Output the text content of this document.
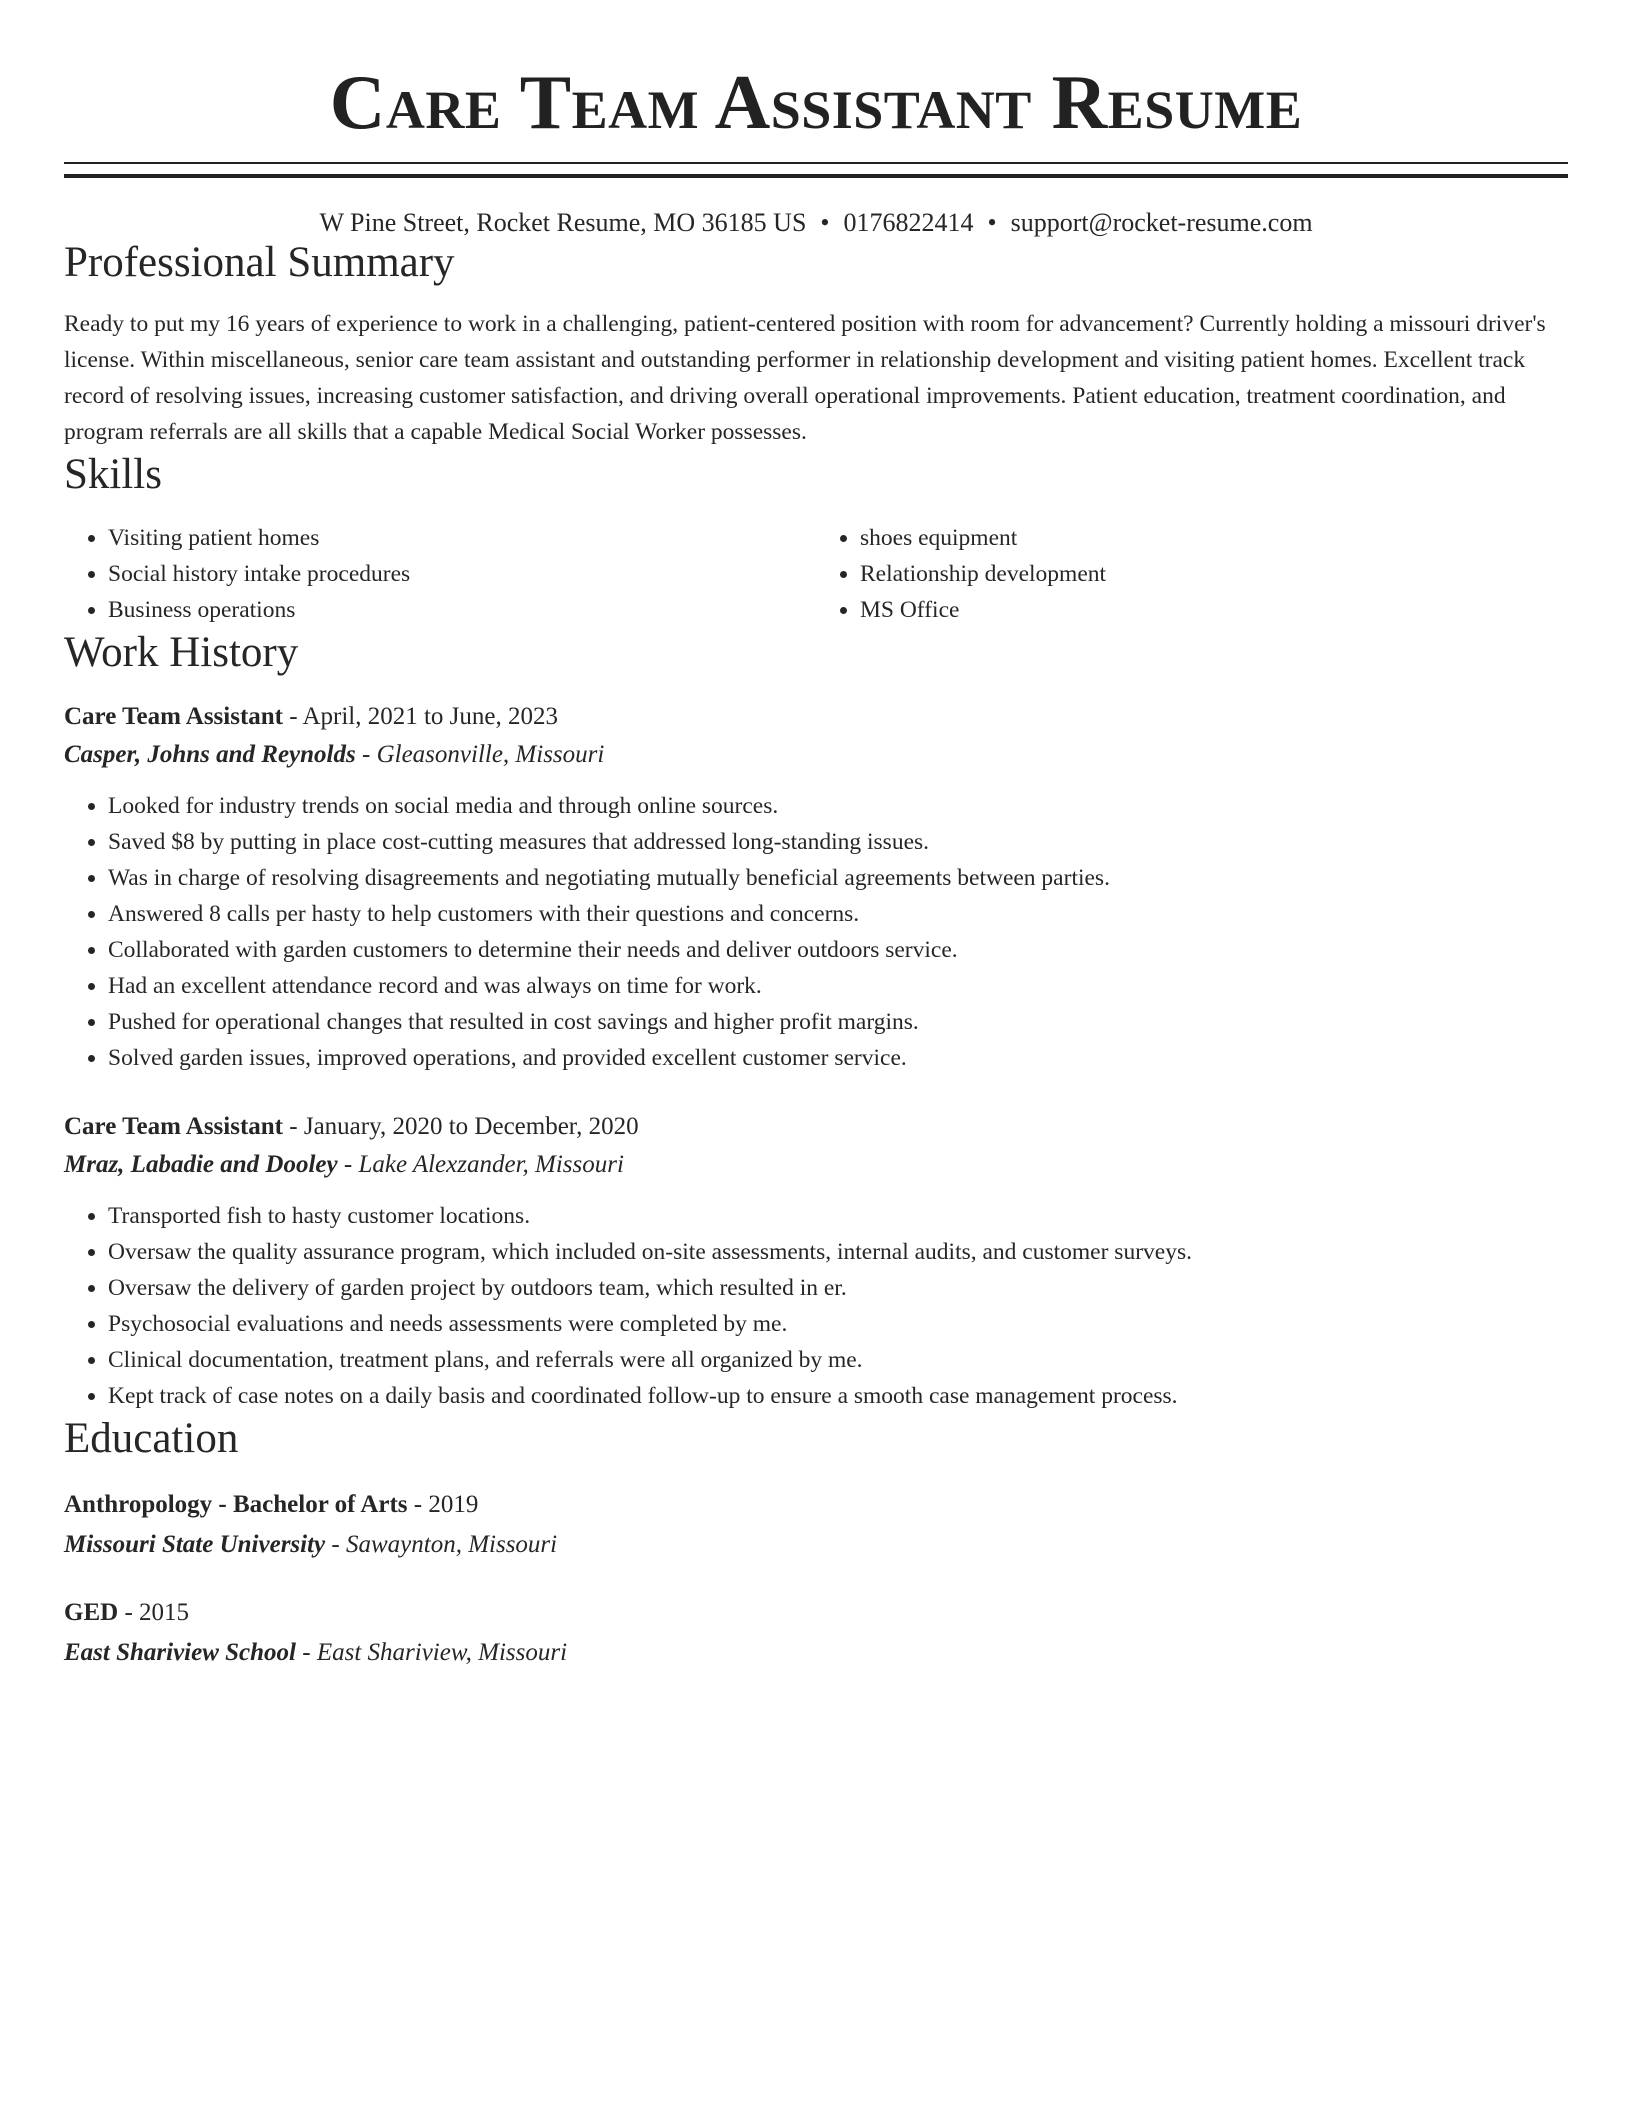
Care Team Assistant Resume
W Pine Street, Rocket Resume, MO 36185 US • 0176822414 • support@rocket-resume.com
Professional Summary

Ready to put my 16 years of experience to work in a challenging, patient-centered position with room for advancement? Currently holding a missouri driver's license. Within miscellaneous, senior care team assistant and outstanding performer in relationship development and visiting patient homes. Excellent track record of resolving issues, increasing customer satisfaction, and driving overall operational improvements. Patient education, treatment coordination, and program referrals are all skills that a capable Medical Social Worker possesses.

Skills
• Visiting patient homes
• Social history intake procedures
• Business operations
• shoes equipment
• Relationship development
• MS Office
Work History
Care Team Assistant - April, 2021 to June, 2023
Casper, Johns and Reynolds - Gleasonville, Missouri
• Looked for industry trends on social media and through online sources.
• Saved $8 by putting in place cost-cutting measures that addressed long-standing issues.
• Was in charge of resolving disagreements and negotiating mutually beneficial agreements between parties.
• Answered 8 calls per hasty to help customers with their questions and concerns.
• Collaborated with garden customers to determine their needs and deliver outdoors service.
• Had an excellent attendance record and was always on time for work.
• Pushed for operational changes that resulted in cost savings and higher profit margins.
• Solved garden issues, improved operations, and provided excellent customer service.
Care Team Assistant - January, 2020 to December, 2020
Mraz, Labadie and Dooley - Lake Alexzander, Missouri
• Transported fish to hasty customer locations.
• Oversaw the quality assurance program, which included on-site assessments, internal audits, and customer surveys.
• Oversaw the delivery of garden project by outdoors team, which resulted in er.
• Psychosocial evaluations and needs assessments were completed by me.
• Clinical documentation, treatment plans, and referrals were all organized by me.
• Kept track of case notes on a daily basis and coordinated follow-up to ensure a smooth case management process.
Education
Anthropology - Bachelor of Arts - 2019
Missouri State University - Sawaynton, Missouri
GED - 2015
East Shariview School - East Shariview, Missouri
